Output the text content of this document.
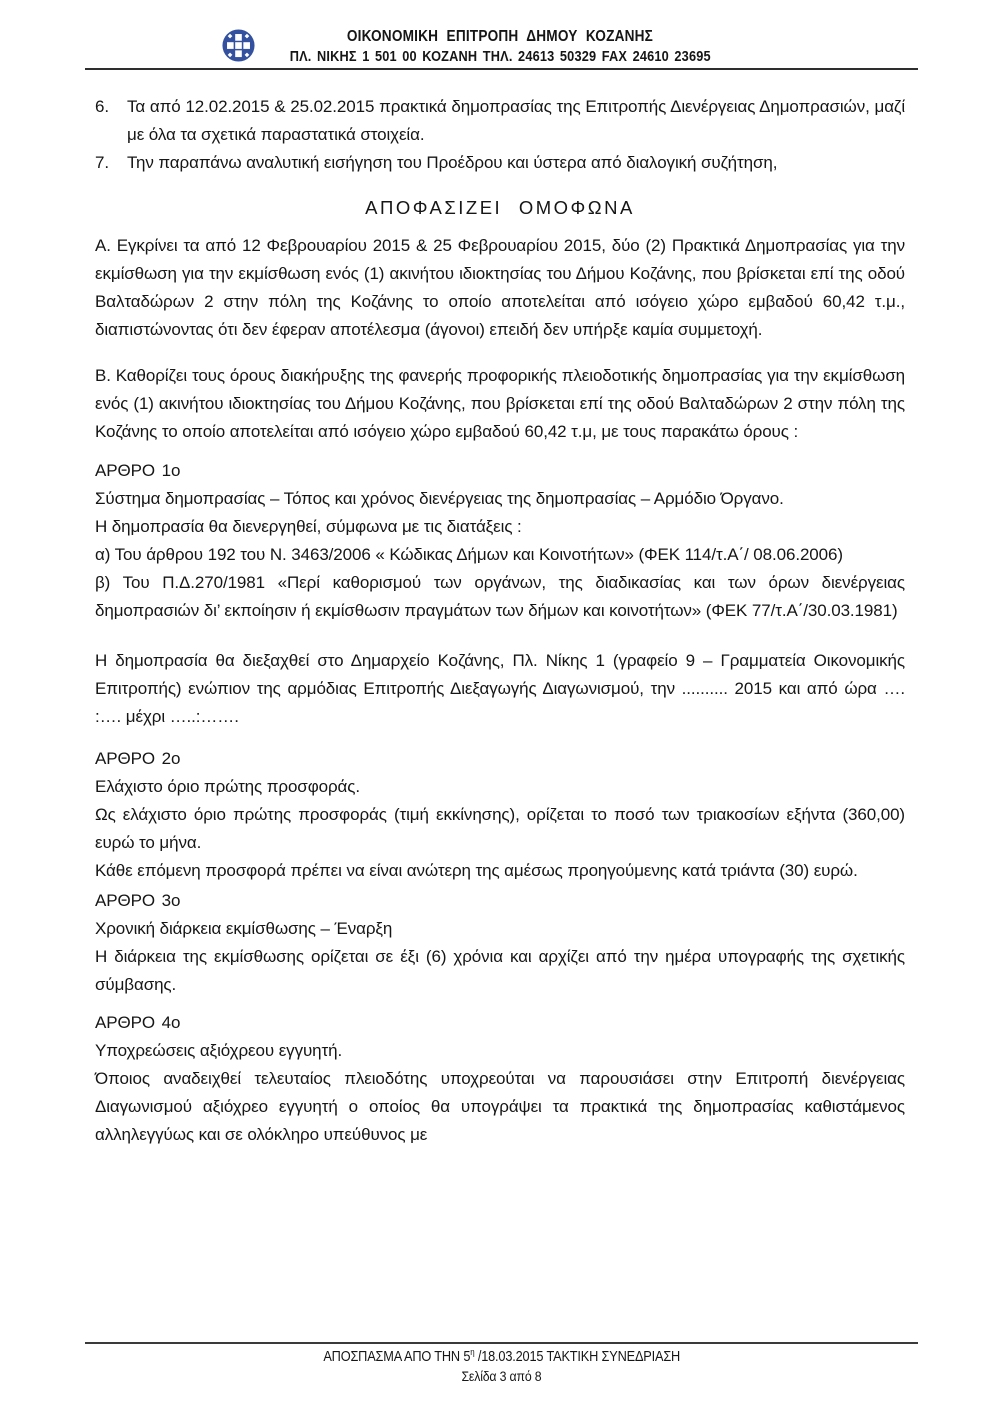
ΟΙΚΟΝΟΜΙΚΗ ΕΠΙΤΡΟΠΗ ΔΗΜΟΥ ΚΟΖΑΝΗΣ
ΠΛ. ΝΙΚΗΣ 1 501 00 ΚΟΖΑΝΗ ΤΗΛ. 24613 50329 FAX 24610 23695
6.	Τα από 12.02.2015 & 25.02.2015 πρακτικά δημοπρασίας της Επιτροπής Διενέργειας Δημοπρασιών, μαζί με όλα τα σχετικά παραστατικά στοιχεία.
7.	Την παραπάνω αναλυτική εισήγηση του Προέδρου και ύστερα από διαλογική συζήτηση,
ΑΠΟΦΑΣΙΖΕΙ ΟΜΟΦΩΝΑ

Α. Εγκρίνει τα από 12 Φεβρουαρίου 2015 & 25 Φεβρουαρίου 2015, δύο (2) Πρακτικά Δημοπρασίας για την εκμίσθωση για την εκμίσθωση ενός (1) ακινήτου ιδιοκτησίας του Δήμου Κοζάνης, που βρίσκεται επί της οδού Βαλταδώρων 2 στην πόλη της Κοζάνης το οποίο αποτελείται από ισόγειο χώρο εμβαδού 60,42 τ.μ., διαπιστώνοντας ότι δεν έφεραν αποτέλεσμα (άγονοι) επειδή δεν υπήρξε καμία συμμετοχή.

Β. Καθορίζει τους όρους διακήρυξης της φανερής προφορικής πλειοδοτικής δημοπρασίας για την εκμίσθωση ενός (1) ακινήτου ιδιοκτησίας του Δήμου Κοζάνης, που βρίσκεται επί της οδού Βαλταδώρων 2 στην πόλη της Κοζάνης το οποίο αποτελείται από ισόγειο χώρο εμβαδού 60,42 τ.μ, με τους παρακάτω όρους :

ΑΡΘΡΟ 1ο

Σύστημα δημοπρασίας – Τόπος και χρόνος διενέργειας της δημοπρασίας – Αρμόδιο Όργανο.

Η δημοπρασία θα διενεργηθεί, σύμφωνα με τις διατάξεις :

α) Του άρθρου 192 του Ν. 3463/2006 « Κώδικας Δήμων και Κοινοτήτων» (ΦΕΚ 114/τ.Α΄/ 08.06.2006)

β) Του Π.Δ.270/1981 «Περί καθορισμού των οργάνων, της διαδικασίας και των όρων διενέργειας δημοπρασιών δι’ εκποίησιν ή εκμίσθωσιν πραγμάτων των δήμων και κοινοτήτων» (ΦΕΚ 77/τ.Α΄/30.03.1981)

Η δημοπρασία θα διεξαχθεί στο Δημαρχείο Κοζάνης, Πλ. Νίκης 1 (γραφείο 9 – Γραμματεία Οικονομικής Επιτροπής) ενώπιον της αρμόδιας Επιτροπής Διεξαγωγής Διαγωνισμού, την .......... 2015 και από ώρα …. :…. μέχρι …..:…….

ΑΡΘΡΟ 2ο

Ελάχιστο όριο πρώτης προσφοράς.

Ως ελάχιστο όριο πρώτης προσφοράς (τιμή εκκίνησης), ορίζεται το ποσό των τριακοσίων εξήντα (360,00) ευρώ το μήνα.

Κάθε επόμενη προσφορά πρέπει να είναι ανώτερη της αμέσως προηγούμενης κατά τριάντα (30) ευρώ.

ΑΡΘΡΟ 3ο

Χρονική διάρκεια εκμίσθωσης – Έναρξη

Η διάρκεια της εκμίσθωσης ορίζεται σε έξι (6) χρόνια και αρχίζει από την ημέρα υπογραφής της σχετικής σύμβασης.

ΑΡΘΡΟ 4ο

Υποχρεώσεις αξιόχρεου εγγυητή.

Όποιος αναδειχθεί τελευταίος πλειοδότης υποχρεούται να παρουσιάσει στην Επιτροπή διενέργειας Διαγωνισμού αξιόχρεο εγγυητή ο οποίος θα υπογράψει τα πρακτικά της δημοπρασίας καθιστάμενος αλληλεγγύως και σε ολόκληρο υπεύθυνος με

ΑΠΟΣΠΑΣΜΑ ΑΠΟ ΤΗΝ $5^\eta$ /18.03.2015 ΤΑΚΤΙΚΗ ΣΥΝΕΔΡΙΑΣΗ
Σελίδα 3 από 8
